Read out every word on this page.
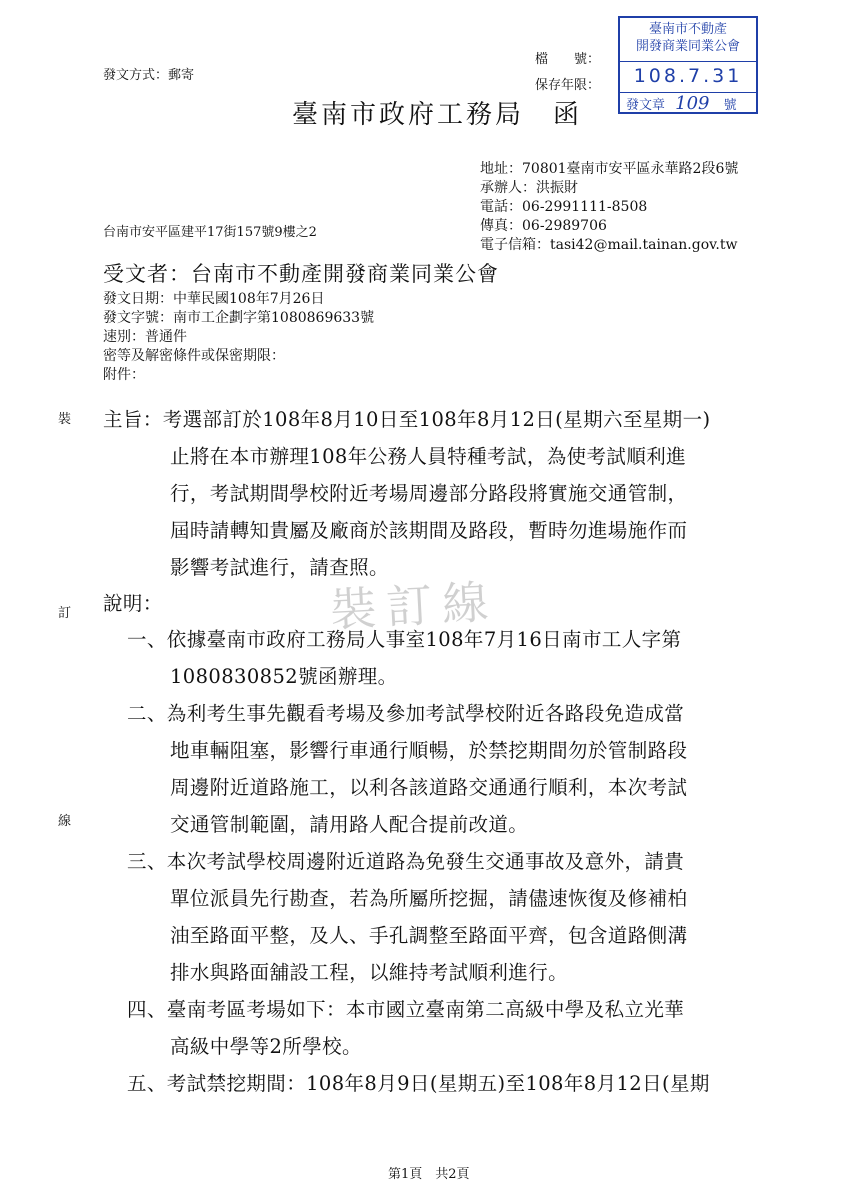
發文方式：郵寄
檔　　號：
保存年限：
臺南市不動產
開發商業同業公會
108.7.31
發文章 109 號
臺南市政府工務局　函
地址：70801臺南市安平區永華路2段6號
承辦人：洪振財
電話：06-2991111-8508
傳真：06-2989706
電子信箱：tasi42@mail.tainan.gov.tw
台南市安平區建平17街157號9樓之2
受文者：台南市不動產開發商業同業公會
發文日期：中華民國108年7月26日
發文字號：南市工企劃字第1080869633號
速別：普通件
密等及解密條件或保密期限：
附件：
裝
訂
線
裝訂線
主旨：考選部訂於108年8月10日至108年8月12日(星期六至星期一)
止將在本市辦理108年公務人員特種考試，為使考試順利進
行，考試期間學校附近考場周邊部分路段將實施交通管制，
屆時請轉知貴屬及廠商於該期間及路段，暫時勿進場施作而
影響考試進行，請查照。
說明：
一、依據臺南市政府工務局人事室108年7月16日南市工人字第
1080830852號函辦理。
二、為利考生事先觀看考場及參加考試學校附近各路段免造成當
地車輛阻塞，影響行車通行順暢，於禁挖期間勿於管制路段
周邊附近道路施工，以利各該道路交通通行順利，本次考試
交通管制範圍，請用路人配合提前改道。
三、本次考試學校周邊附近道路為免發生交通事故及意外，請貴
單位派員先行勘查，若為所屬所挖掘，請儘速恢復及修補柏
油至路面平整，及人、手孔調整至路面平齊，包含道路側溝
排水與路面舖設工程，以維持考試順利進行。
四、臺南考區考場如下：本市國立臺南第二高級中學及私立光華
高級中學等2所學校。
五、考試禁挖期間：108年8月9日(星期五)至108年8月12日(星期
第1頁　共2頁
